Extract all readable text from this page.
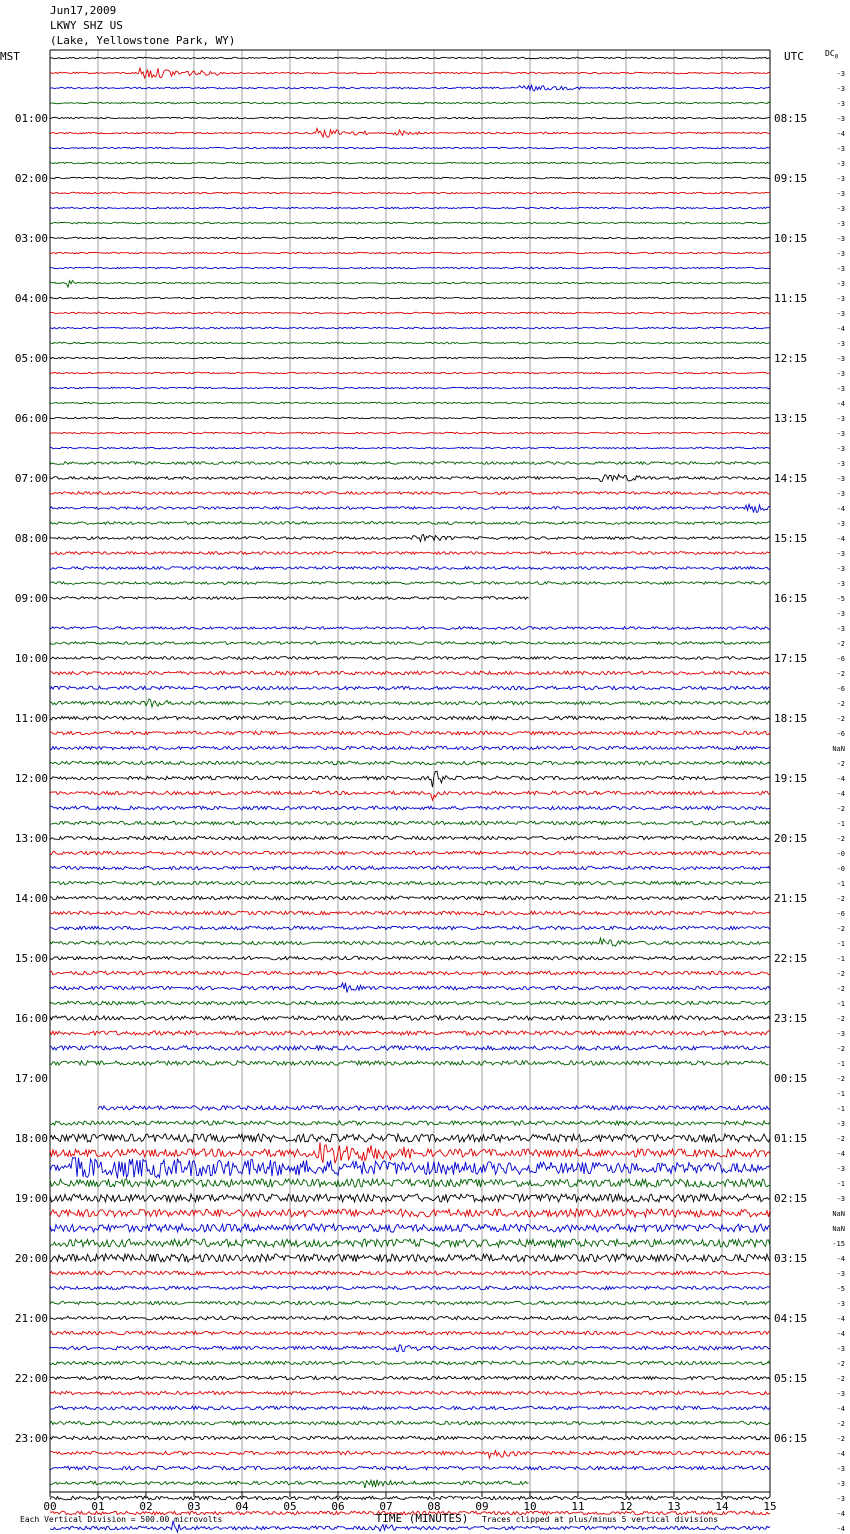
Jun17,2009
LKWY SHZ US
(Lake, Yellowstone Park, WY)
MST	UTC	$DC_0$
01:00
02:00
03:00
04:00
05:00
06:00
07:00
08:00
09:00
10:00
11:00
12:00
13:00
14:00
15:00
16:00
17:00
18:00
19:00
20:00
21:00
22:00
23:00
08:15
09:15
10:15
11:15
12:15
13:15
14:15
15:15
16:15
17:15
18:15
19:15
20:15
21:15
22:15
23:15
00:15
01:15
02:15
03:15
04:15
05:15
06:15
-3
-3
-3
-3
-4
-3
-3
-3
-3
-3
-3
-3
-3
-3
-3
-3
-3
-4
-3
-3
-3
-3
-4
-3
-3
-3
-3
-3
-3
-4
-3
-4
-3
-3
-3
-5
-3
-3
-2
-6
-2
-6
-2
-2
-6
NaN
-2
-4
-4
-2
-1
-2
-0
-0
-1
-2
-6
-2
-1
-1
-2
-2
-1
-2
-3
-2
-1
-2
-1
-1
-3
-2
-4
-3
-1
-3
NaN
NaN
-15
-4
-3
-5
-3
-4
-4
-3
-2
-2
-3
-4
-2
-2
-4
-3
-3
-3
-4
-4
00	01	02	03	04	05	06	07	08	09	10	11	12	13	14	15
TIME (MINUTES)
Each Vertical Division = 500.00 microvolts	Traces clipped at plus/minus 5 vertical divisions
